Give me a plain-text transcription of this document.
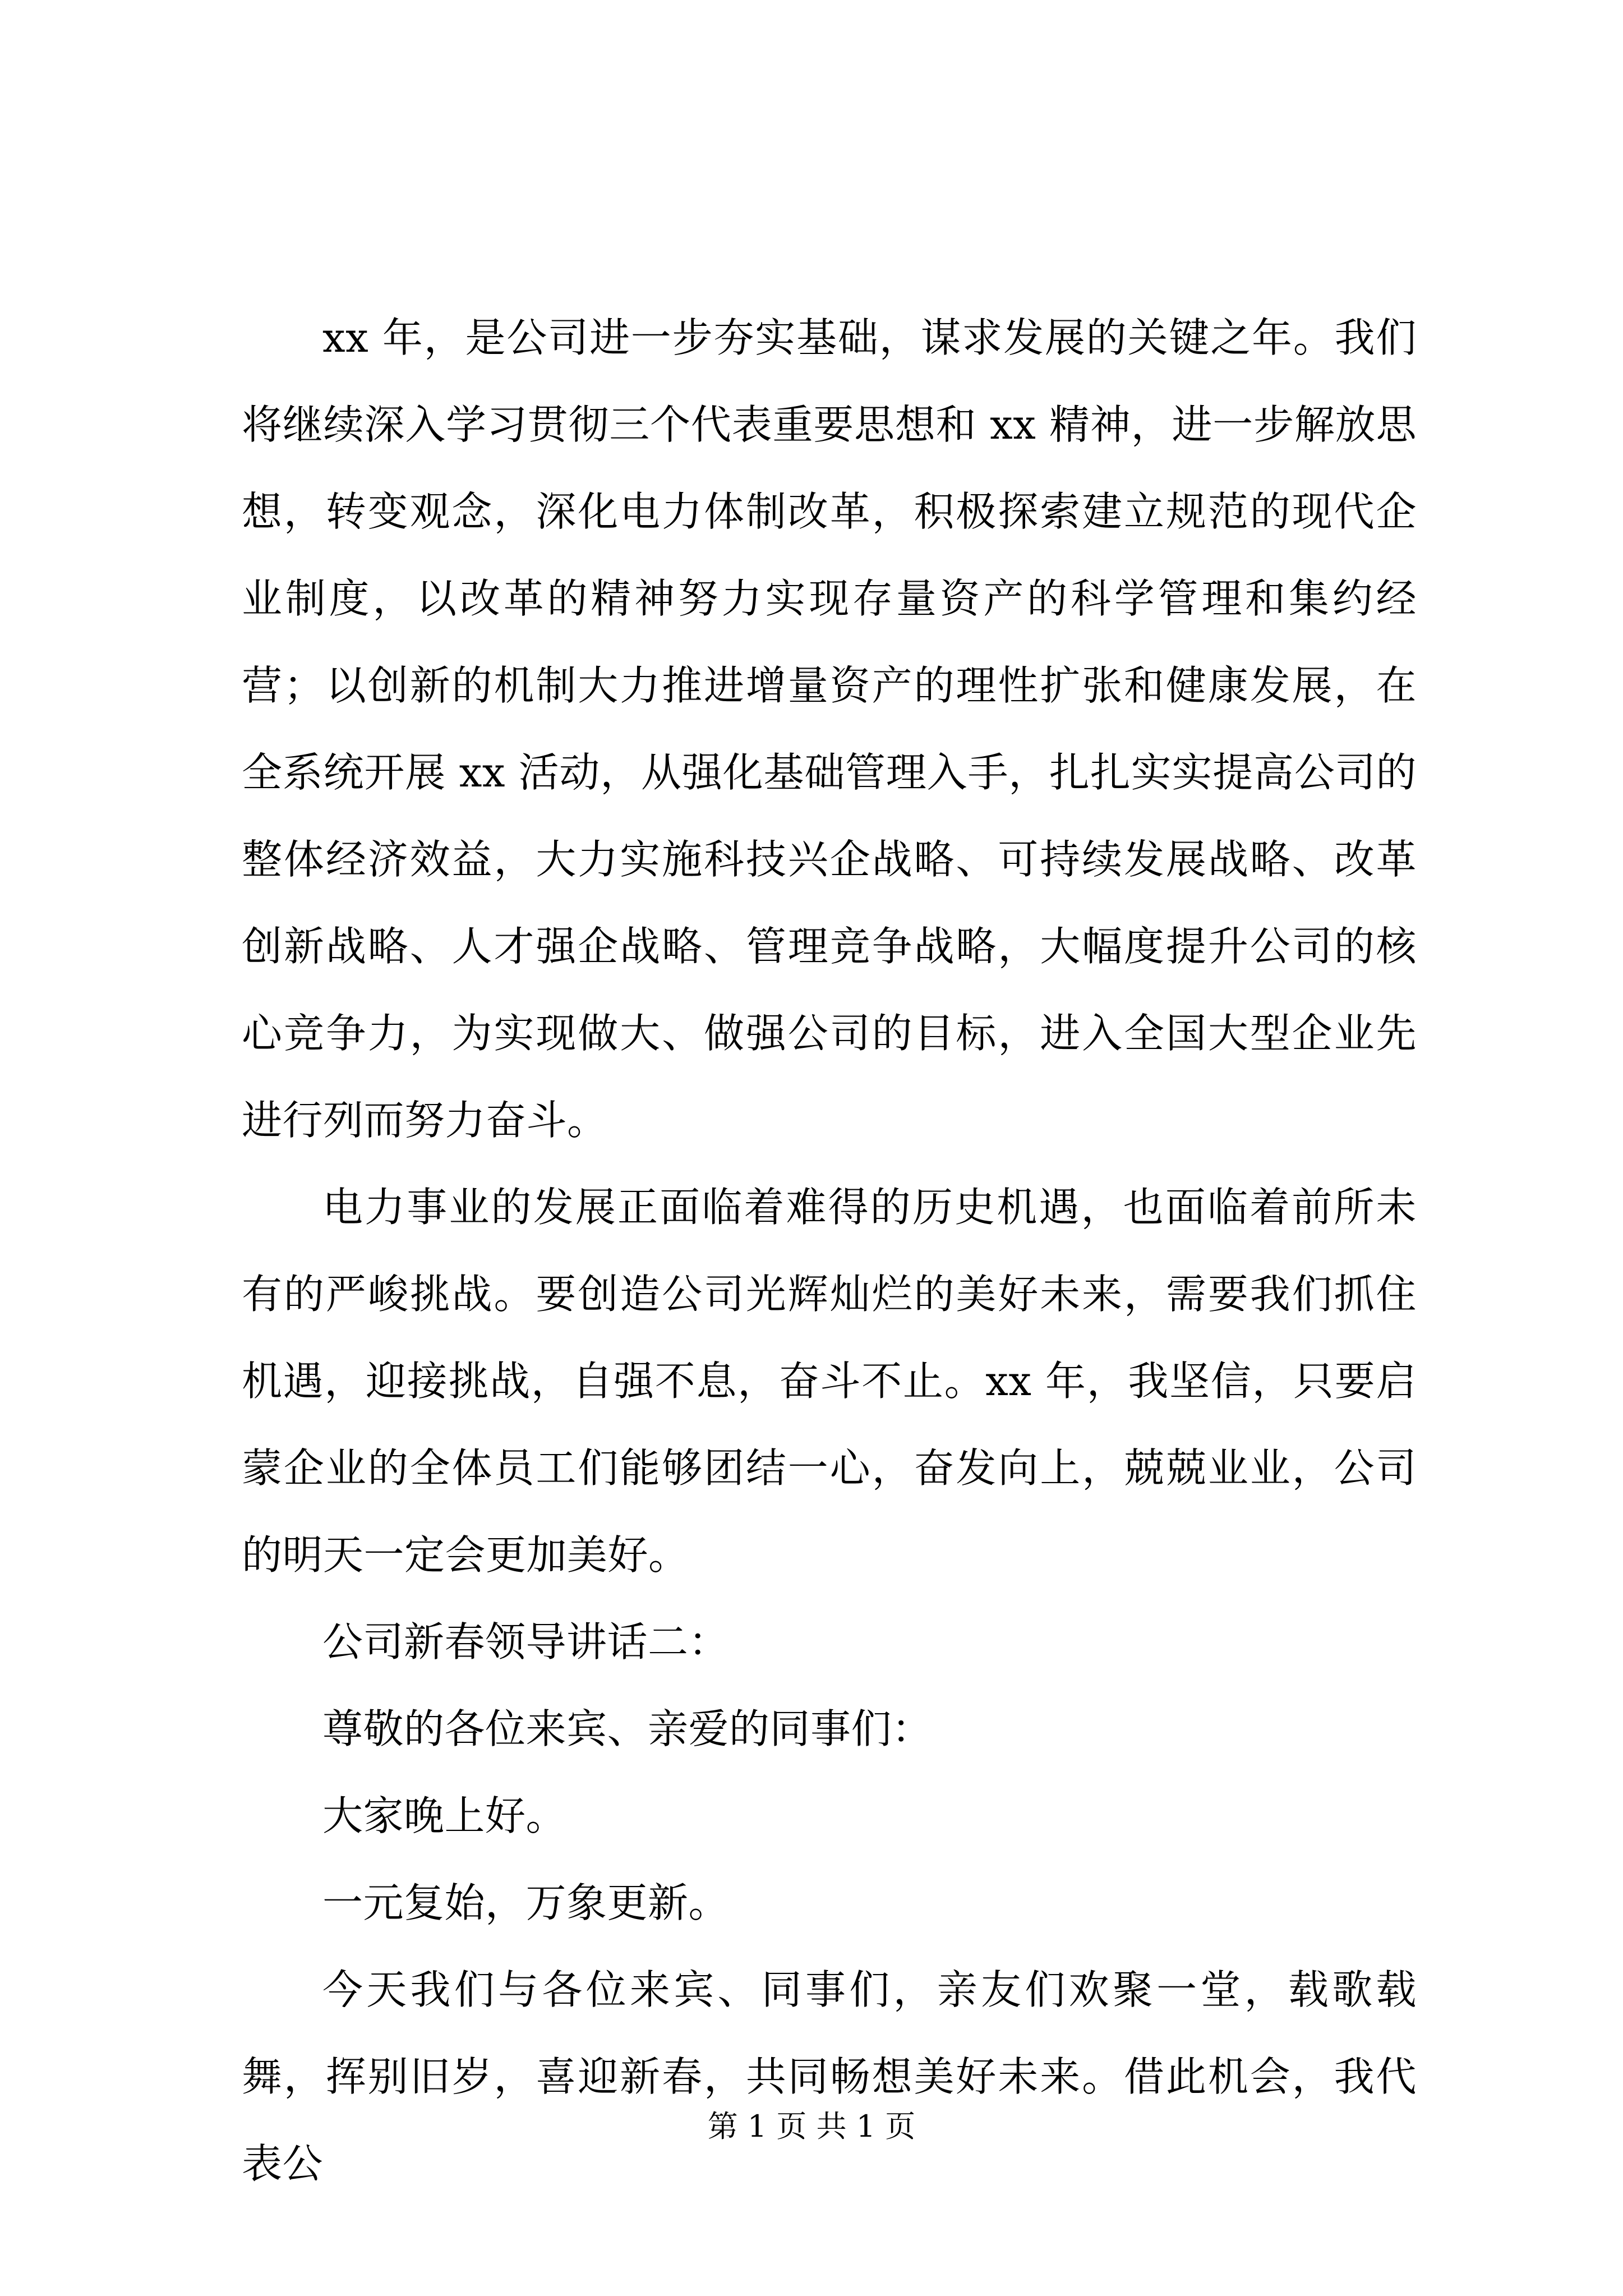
xx 年，是公司进一步夯实基础，谋求发展的关键之年。我们将继续深入学习贯彻三个代表重要思想和 xx 精神，进一步解放思想，转变观念，深化电力体制改革，积极探索建立规范的现代企业制度，以改革的精神努力实现存量资产的科学管理和集约经营；以创新的机制大力推进增量资产的理性扩张和健康发展，在全系统开展 xx 活动，从强化基础管理入手，扎扎实实提高公司的整体经济效益，大力实施科技兴企战略、可持续发展战略、改革创新战略、人才强企战略、管理竞争战略，大幅度提升公司的核心竞争力，为实现做大、做强公司的目标，进入全国大型企业先进行列而努力奋斗。

电力事业的发展正面临着难得的历史机遇，也面临着前所未有的严峻挑战。要创造公司光辉灿烂的美好未来，需要我们抓住机遇，迎接挑战，自强不息，奋斗不止。xx 年，我坚信，只要启蒙企业的全体员工们能够团结一心，奋发向上，兢兢业业，公司的明天一定会更加美好。

公司新春领导讲话二：

尊敬的各位来宾、亲爱的同事们：

大家晚上好。

一元复始，万象更新。

今天我们与各位来宾、同事们，亲友们欢聚一堂，载歌载舞，挥别旧岁，喜迎新春，共同畅想美好未来。借此机会，我代表公

第 1 页 共 1 页
